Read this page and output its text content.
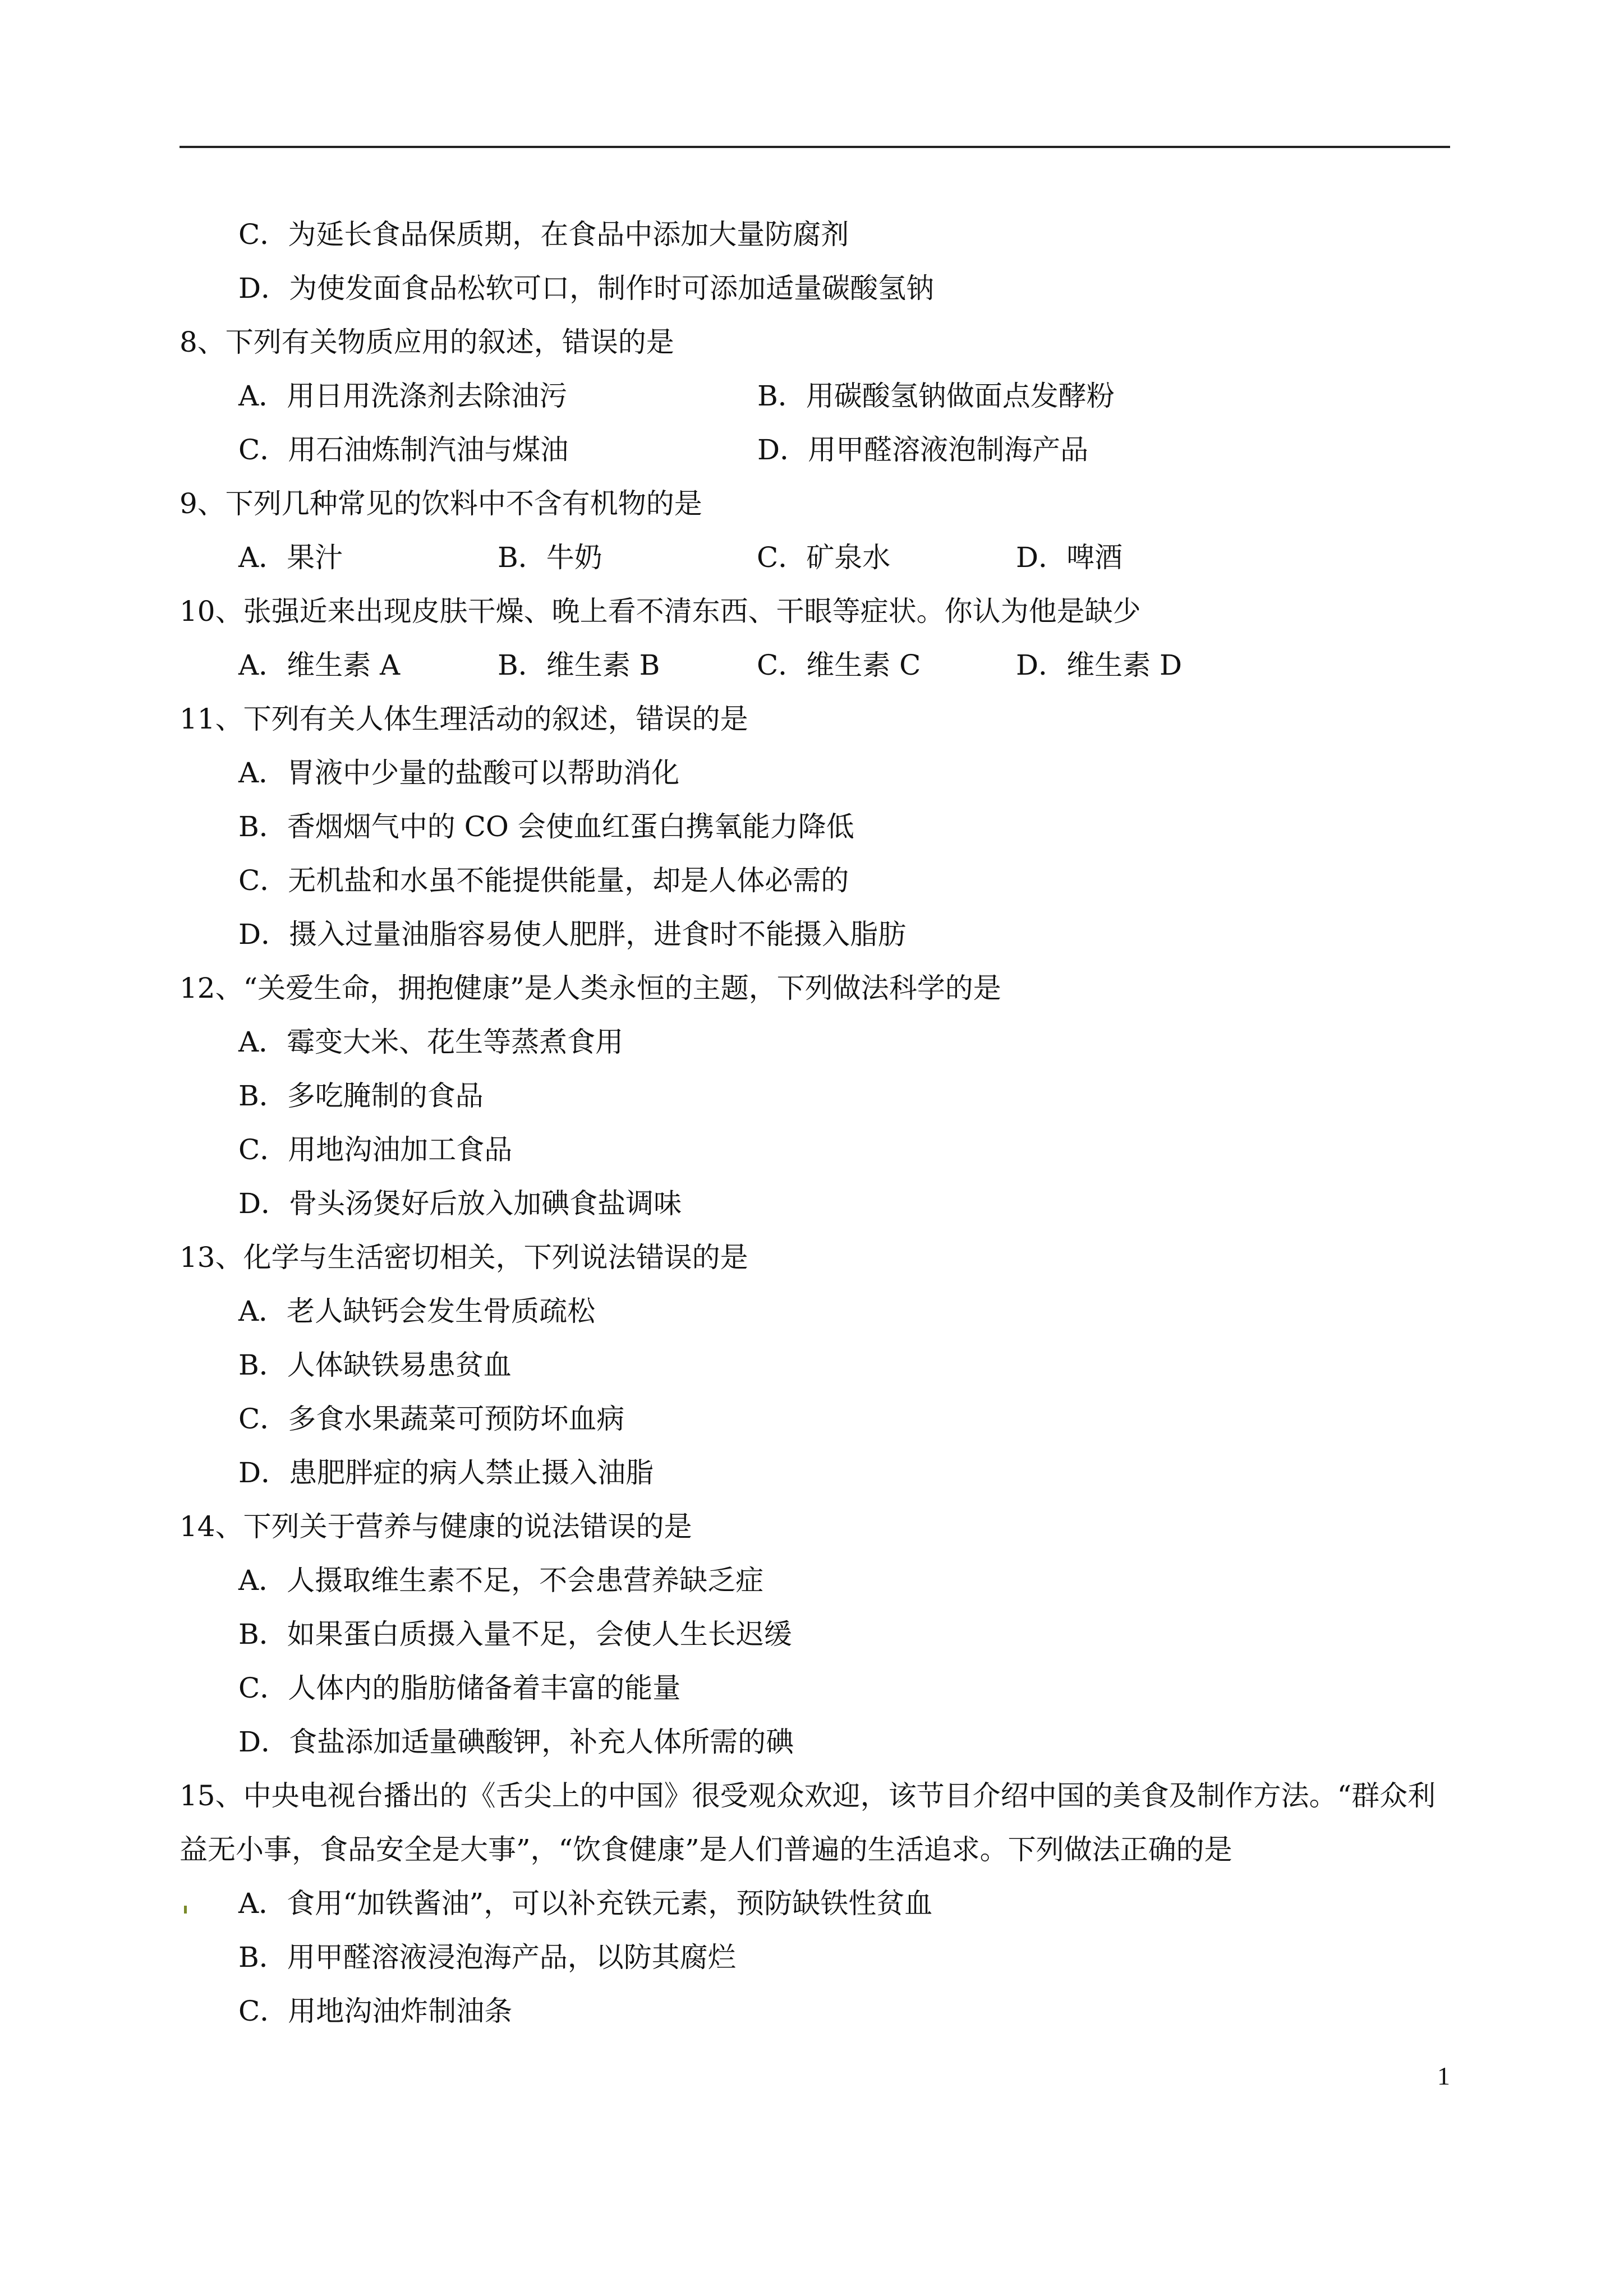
C．为延长食品保质期，在食品中添加大量防腐剂
D．为使发面食品松软可口，制作时可添加适量碳酸氢钠
8、下列有关物质应用的叙述，错误的是
A．用日用洗涤剂去除油污	B．用碳酸氢钠做面点发酵粉
C．用石油炼制汽油与煤油	D．用甲醛溶液泡制海产品
9、下列几种常见的饮料中不含有机物的是
A．果汁	B．牛奶	C．矿泉水	D．啤酒
10、张强近来出现皮肤干燥、晚上看不清东西、干眼等症状。你认为他是缺少
A．维生素 A	B．维生素 B	C．维生素 C	D．维生素 D
11、下列有关人体生理活动的叙述，错误的是
A．胃液中少量的盐酸可以帮助消化
B．香烟烟气中的 CO 会使血红蛋白携氧能力降低
C．无机盐和水虽不能提供能量，却是人体必需的
D．摄入过量油脂容易使人肥胖，进食时不能摄入脂肪
12、“关爱生命，拥抱健康”是人类永恒的主题，下列做法科学的是
A．霉变大米、花生等蒸煮食用
B．多吃腌制的食品
C．用地沟油加工食品
D．骨头汤煲好后放入加碘食盐调味
13、化学与生活密切相关，下列说法错误的是
A．老人缺钙会发生骨质疏松
B．人体缺铁易患贫血
C．多食水果蔬菜可预防坏血病
D．患肥胖症的病人禁止摄入油脂
14、下列关于营养与健康的说法错误的是
A．人摄取维生素不足，不会患营养缺乏症
B．如果蛋白质摄入量不足，会使人生长迟缓
C．人体内的脂肪储备着丰富的能量
D．食盐添加适量碘酸钾，补充人体所需的碘
15、中央电视台播出的《舌尖上的中国》很受观众欢迎，该节目介绍中国的美食及制作方法。“群众利
益无小事，食品安全是大事”，“饮食健康”是人们普遍的生活追求。下列做法正确的是
A．食用“加铁酱油”，可以补充铁元素，预防缺铁性贫血
B．用甲醛溶液浸泡海产品，以防其腐烂
C．用地沟油炸制油条
1
